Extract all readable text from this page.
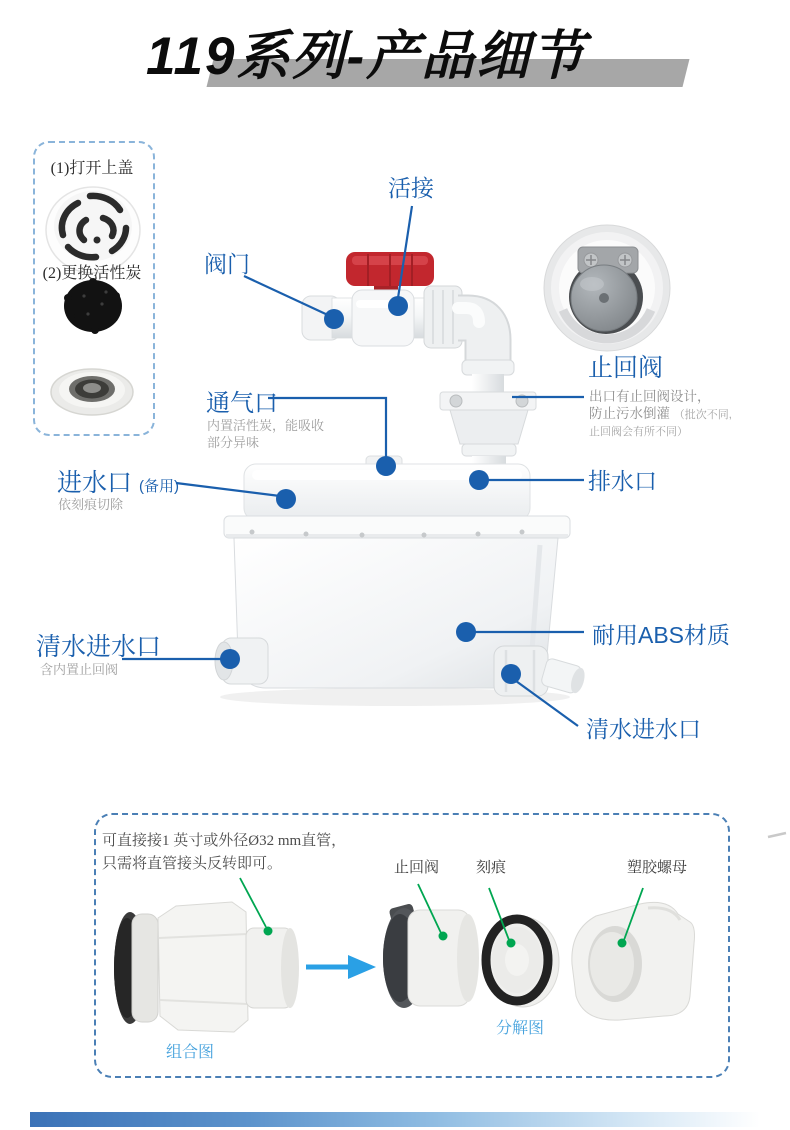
119系列-产品细节
(1)打开上盖
(2)更换活性炭
活接
阀门
通气口
内置活性炭，能吸收
部分异味
进水口 (备用)
依刻痕切除
止回阀
出口有止回阀设计，
防止污水倒灌 （批次不同,
止回阀会有所不同）
排水口
耐用ABS材质
清水进水口
含内置止回阀
清水进水口
可直接接1 英寸或外径Ø32 mm直管，
只需将直管接头反转即可。	止回阀 刻痕	塑胶螺母
组合图
分解图
